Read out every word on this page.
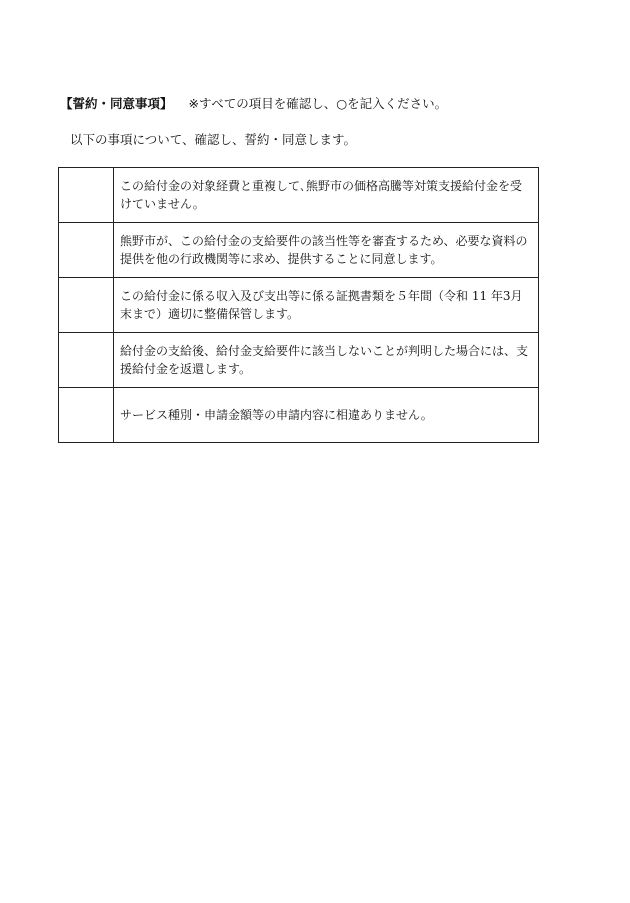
【誓約・同意事項】 ※すべての項目を確認し、○を記入ください。
以下の事項について、確認し、誓約・同意します。

	この給付金の対象経費と重複して､熊野市の価格高騰等対策支援給付金を受けていません。

	熊野市が、この給付金の支給要件の該当性等を審査するため、必要な資料の提供を他の行政機関等に求め、提供することに同意します。

	この給付金に係る収入及び支出等に係る証拠書類を５年間（令和 11 年3月末まで）適切に整備保管します。

	給付金の支給後、給付金支給要件に該当しないことが判明した場合には、支援給付金を返還します。

	サービス種別・申請金額等の申請内容に相違ありません。
